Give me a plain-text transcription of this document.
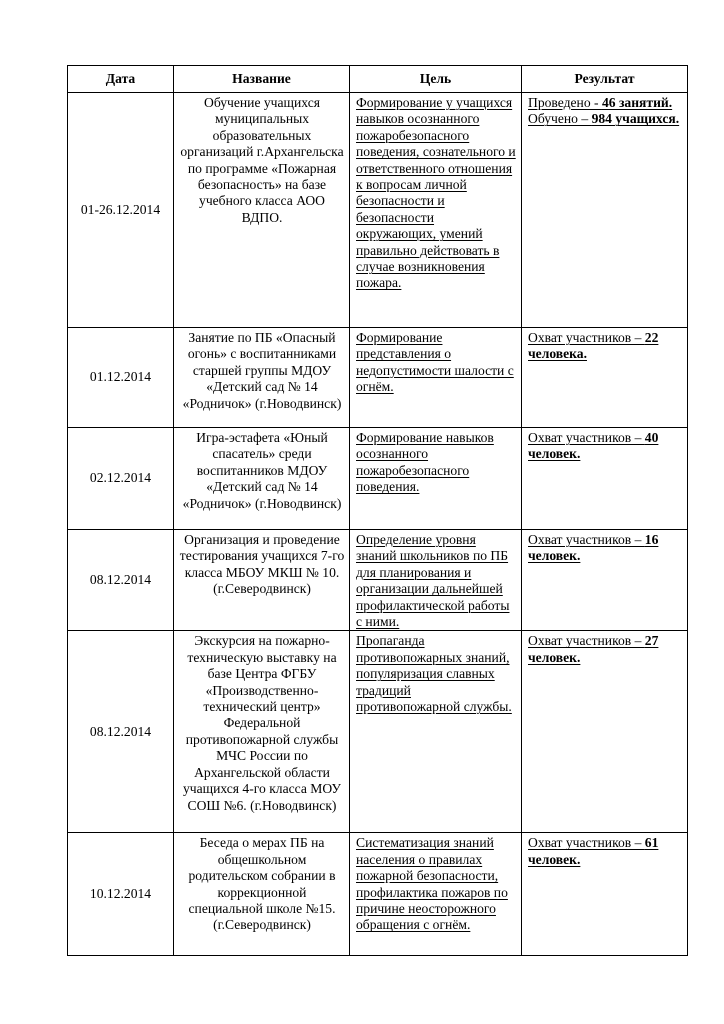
Дата	Название	Цель	Результат
01-26.12.2014	Обучение учащихся муниципальных образовательных организаций г.Архангельска по программе «Пожарная безопасность» на базе учебного класса АОО ВДПО.	Формирование у учащихся навыков осознанного пожаробезопасного поведения, сознательного и ответственного отношения к вопросам личной безопасности и безопасности окружающих, умений правильно действовать в случае возникновения пожара.	Проведено - 46 занятий. Обучено – 984 учащихся.
01.12.2014	Занятие по ПБ «Опасный огонь» с воспитанниками старшей группы МДОУ «Детский сад № 14 «Родничок» (г.Новодвинск)	Формирование представления о недопустимости шалости с огнём.	Охват участников – 22 человека.
02.12.2014	Игра-эстафета «Юный спасатель» среди воспитанников МДОУ «Детский сад № 14 «Родничок» (г.Новодвинск)	Формирование навыков осознанного пожаробезопасного поведения.	Охват участников – 40 человек.
08.12.2014	Организация и проведение тестирования учащихся 7-го класса МБОУ МКШ № 10. (г.Северодвинск)	Определение уровня знаний школьников по ПБ для планирования и организации дальнейшей профилактической работы с ними.	Охват участников – 16 человек.
08.12.2014	Экскурсия на пожарно-техническую выставку на базе Центра ФГБУ «Производственно-технический центр» Федеральной противопожарной службы МЧС России по Архангельской области учащихся 4-го класса МОУ СОШ №6. (г.Новодвинск)	Пропаганда противопожарных знаний, популяризация славных традиций противопожарной службы.	Охват участников – 27 человек.
10.12.2014	Беседа о мерах ПБ на общешкольном родительском собрании в коррекционной специальной школе №15. (г.Северодвинск)	Систематизация знаний населения о правилах пожарной безопасности, профилактика пожаров по причине неосторожного обращения с огнём.	Охват участников – 61 человек.
